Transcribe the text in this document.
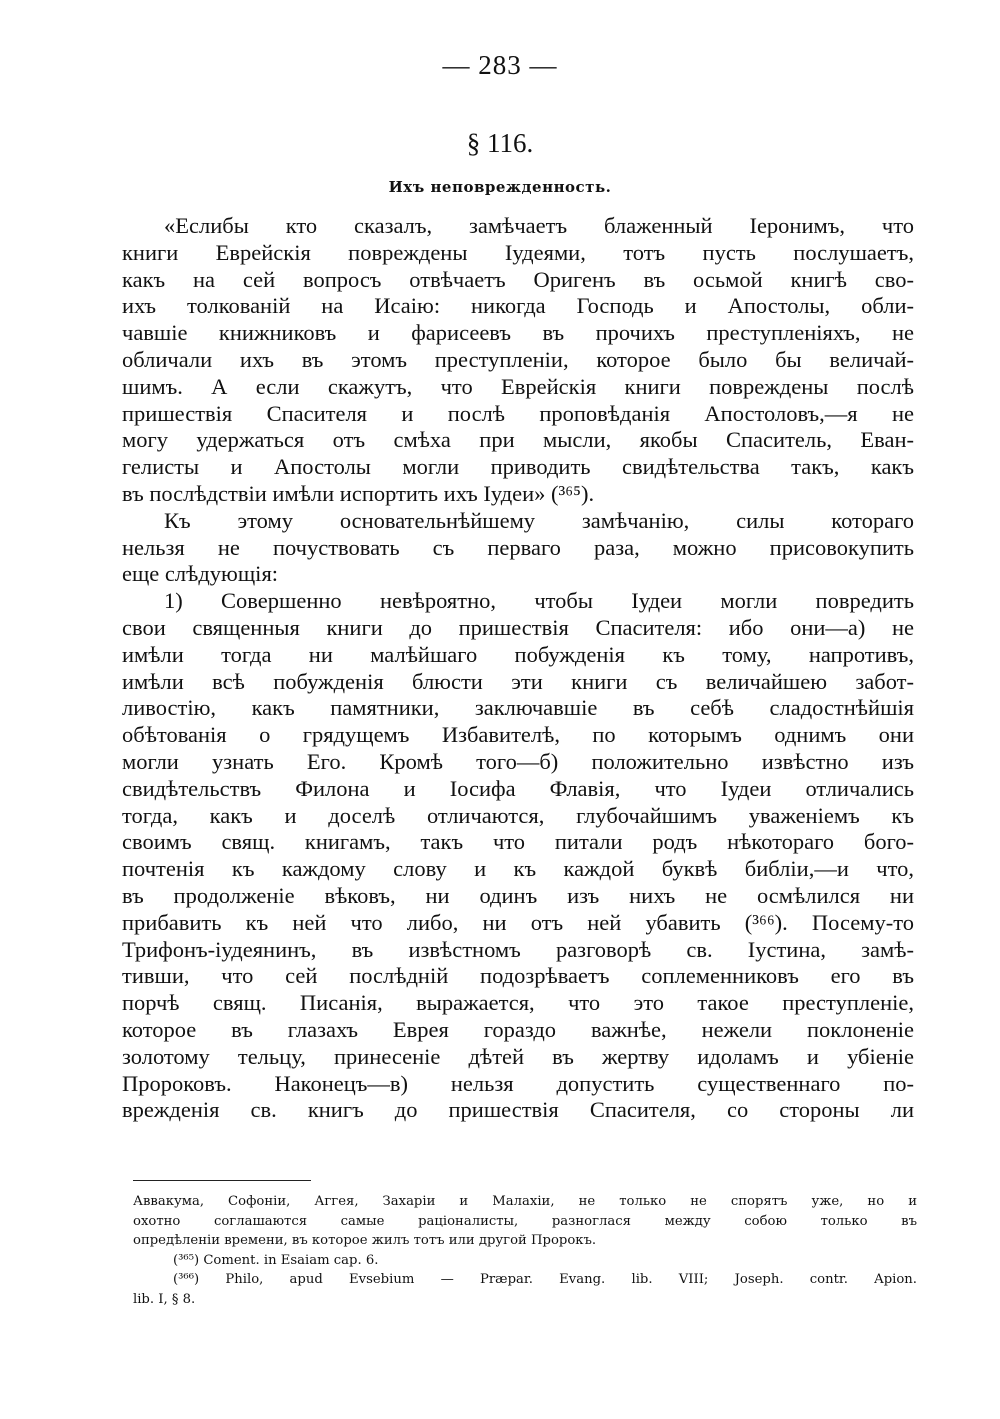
— 283 —
§ 116.
Ихъ неповрежденность.
«Еслибы кто сказалъ, замѣчаетъ блаженный Іеронимъ, что
книги Еврейскія повреждены Іудеями, тотъ пусть послушаетъ,
какъ на сей вопросъ отвѣчаетъ Оригенъ въ осьмой книгѣ сво-
ихъ толкованій на Исаію: никогда Господь и Апостолы, обли-
чавшіе книжниковъ и фарисеевъ въ прочихъ преступленіяхъ, не
обличали ихъ въ этомъ преступленіи, которое было бы величай-
шимъ. А если скажутъ, что Еврейскія книги повреждены послѣ
пришествія Спасителя и послѣ проповѣданія Апостоловъ,—я не
могу удержаться отъ смѣха при мысли, якобы Спаситель, Еван-
гелисты и Апостолы могли приводить свидѣтельства такъ, какъ
въ послѣдствіи имѣли испортить ихъ Іудеи» (³⁶⁵).
Къ этому основательнѣйшему замѣчанію, силы котораго
нельзя не почуствовать съ перваго раза, можно присовокупить
еще слѣдующія:
1) Совершенно невѣроятно, чтобы Іудеи могли повредить
свои священныя книги до пришествія Спасителя: ибо они—а) не
имѣли тогда ни малѣйшаго побужденія къ тому, напротивъ,
имѣли всѣ побужденія блюсти эти книги съ величайшею забот-
ливостію, какъ памятники, заключавшіе въ себѣ сладостнѣйшія
обѣтованія о грядущемъ Избавителѣ, по которымъ однимъ они
могли узнать Его. Кромѣ того—б) положительно извѣстно изъ
свидѣтельствъ Филона и Іосифа Флавія, что Іудеи отличались
тогда, какъ и доселѣ отличаются, глубочайшимъ уваженіемъ къ
своимъ свящ. книгамъ, такъ что питали родъ нѣкотораго бого-
почтенія къ каждому слову и къ каждой буквѣ библіи,—и что,
въ продолженіе вѣковъ, ни одинъ изъ нихъ не осмѣлился ни
прибавить къ ней что либо, ни отъ ней убавить (³⁶⁶). Посему-то
Трифонъ-іудеянинъ, въ извѣстномъ разговорѣ св. Іустина, замѣ-
тивши, что сей послѣдній подозрѣваетъ соплеменниковъ его въ
порчѣ свящ. Писанія, выражается, что это такое преступленіе,
которое въ глазахъ Еврея гораздо важнѣе, нежели поклоненіе
золотому тельцу, принесеніе дѣтей въ жертву идоламъ и убіеніе
Пророковъ. Наконецъ—в) нельзя допустить существеннаго по-
врежденія св. книгъ до пришествія Спасителя, со стороны ли
Аввакума, Софоніи, Аггея, Захаріи и Малахіи, не только не спорятъ уже, но и
охотно соглашаются самые раціоналисты, разноглася между собою только въ
опредѣленіи времени, въ которое жилъ тотъ или другой Пророкъ.
(³⁶⁵) Coment. in Esaiam cap. 6.
(³⁶⁶) Philo, apud Evsebium — Præpar. Evang. lib. VIII; Joseph. contr. Apion.
lib. I, § 8.
